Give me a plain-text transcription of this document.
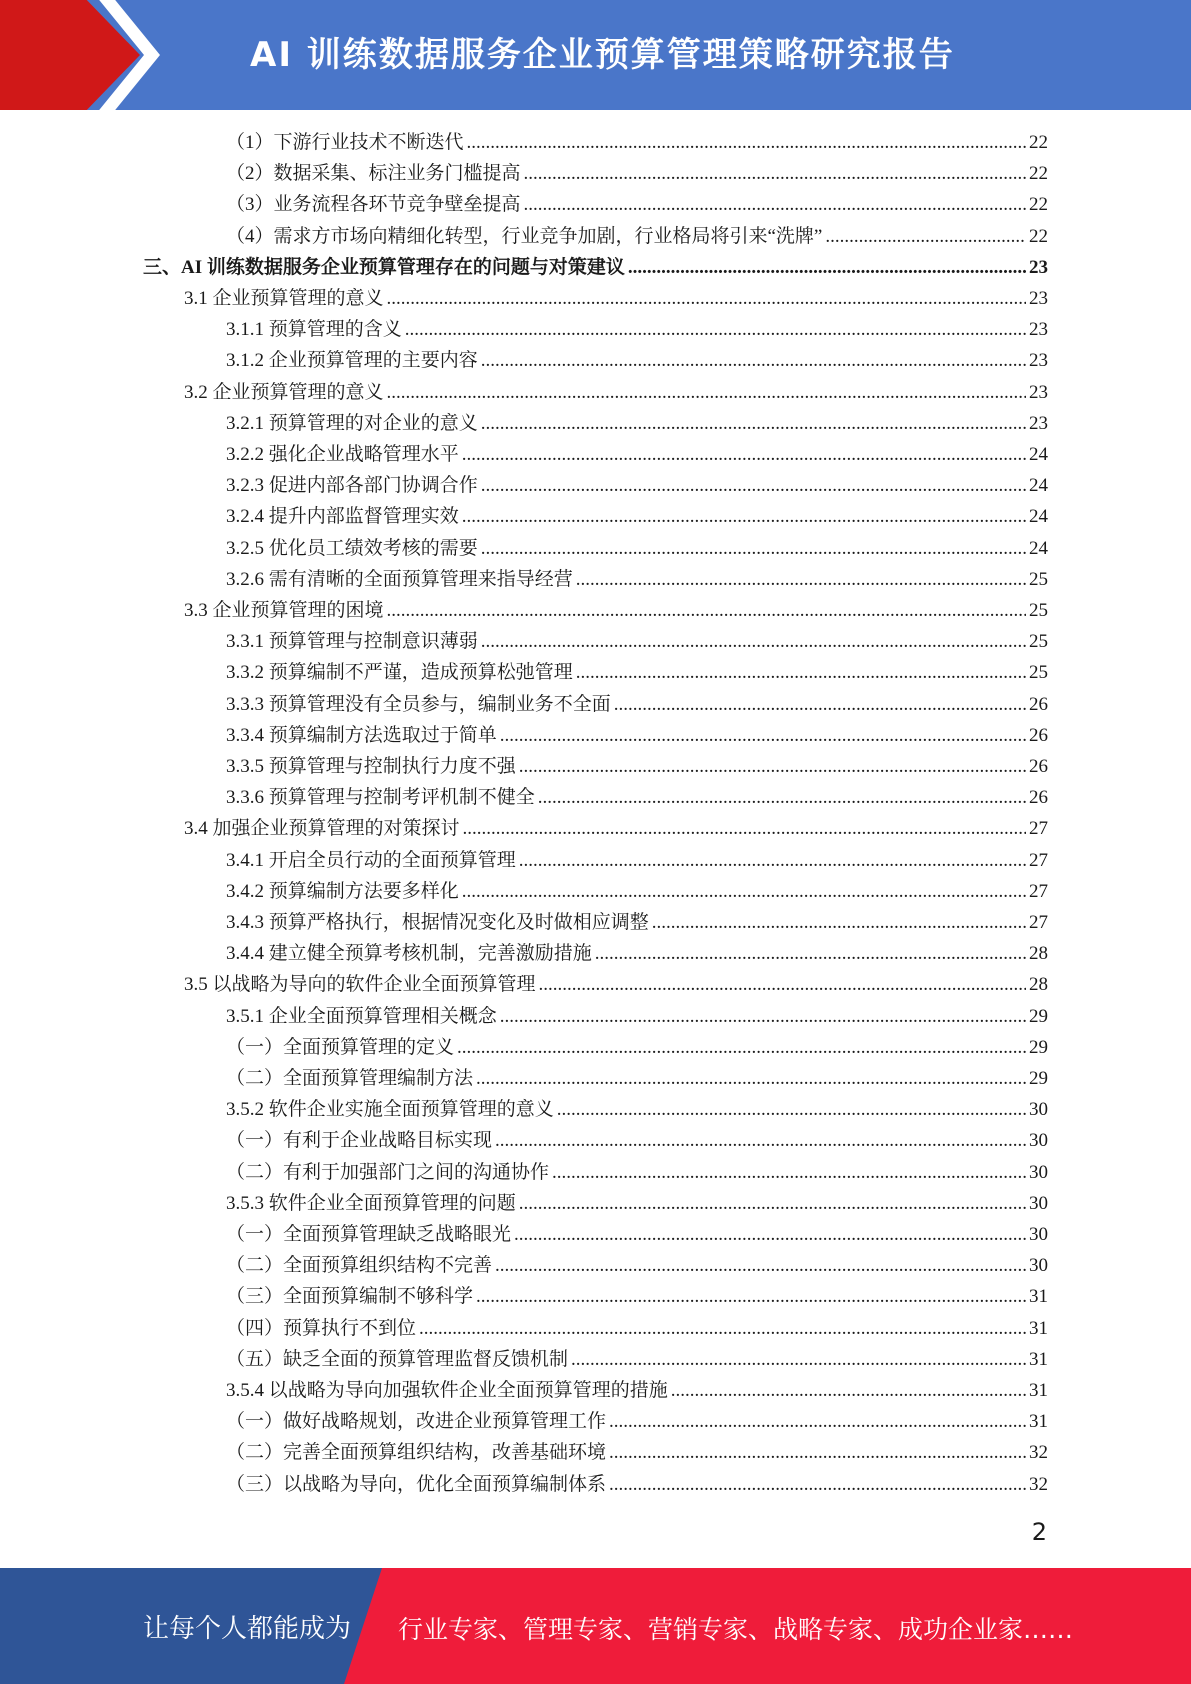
AI 训练数据服务企业预算管理策略研究报告
（1）下游行业技术不断迭代 .....	22
（2）数据采集、标注业务门槛提高 .....	22
（3）业务流程各环节竞争壁垒提高 .....	22
（4）需求方市场向精细化转型，行业竞争加剧，行业格局将引来“洗牌” .....	22
三、AI 训练数据服务企业预算管理存在的问题与对策建议 .....	23
3.1 企业预算管理的意义 .....	23
3.1.1 预算管理的含义 .....	23
3.1.2 企业预算管理的主要内容 .....	23
3.2 企业预算管理的意义 .....	23
3.2.1 预算管理的对企业的意义 .....	23
3.2.2 强化企业战略管理水平 .....	24
3.2.3 促进内部各部门协调合作 .....	24
3.2.4 提升内部监督管理实效 .....	24
3.2.5 优化员工绩效考核的需要 .....	24
3.2.6 需有清晰的全面预算管理来指导经营 .....	25
3.3 企业预算管理的困境 .....	25
3.3.1 预算管理与控制意识薄弱 .....	25
3.3.2 预算编制不严谨，造成预算松弛管理 .....	25
3.3.3 预算管理没有全员参与，编制业务不全面 .....	26
3.3.4 预算编制方法选取过于简单 .....	26
3.3.5 预算管理与控制执行力度不强 .....	26
3.3.6 预算管理与控制考评机制不健全 .....	26
3.4 加强企业预算管理的对策探讨 .....	27
3.4.1 开启全员行动的全面预算管理 .....	27
3.4.2 预算编制方法要多样化 .....	27
3.4.3 预算严格执行，根据情况变化及时做相应调整 .....	27
3.4.4 建立健全预算考核机制，完善激励措施 .....	28
3.5 以战略为导向的软件企业全面预算管理 .....	28
3.5.1 企业全面预算管理相关概念 .....	29
（一）全面预算管理的定义 .....	29
（二）全面预算管理编制方法 .....	29
3.5.2 软件企业实施全面预算管理的意义 .....	30
（一）有利于企业战略目标实现 .....	30
（二）有利于加强部门之间的沟通协作 .....	30
3.5.3 软件企业全面预算管理的问题 .....	30
（一）全面预算管理缺乏战略眼光 .....	30
（二）全面预算组织结构不完善 .....	30
（三）全面预算编制不够科学 .....	31
（四）预算执行不到位 .....	31
（五）缺乏全面的预算管理监督反馈机制 .....	31
3.5.4 以战略为导向加强软件企业全面预算管理的措施 .....	31
（一）做好战略规划，改进企业预算管理工作 .....	31
（二）完善全面预算组织结构，改善基础环境 .....	32
（三）以战略为导向，优化全面预算编制体系 .....	32
2
让每个人都能成为 行业专家、管理专家、营销专家、战略专家、成功企业家……
